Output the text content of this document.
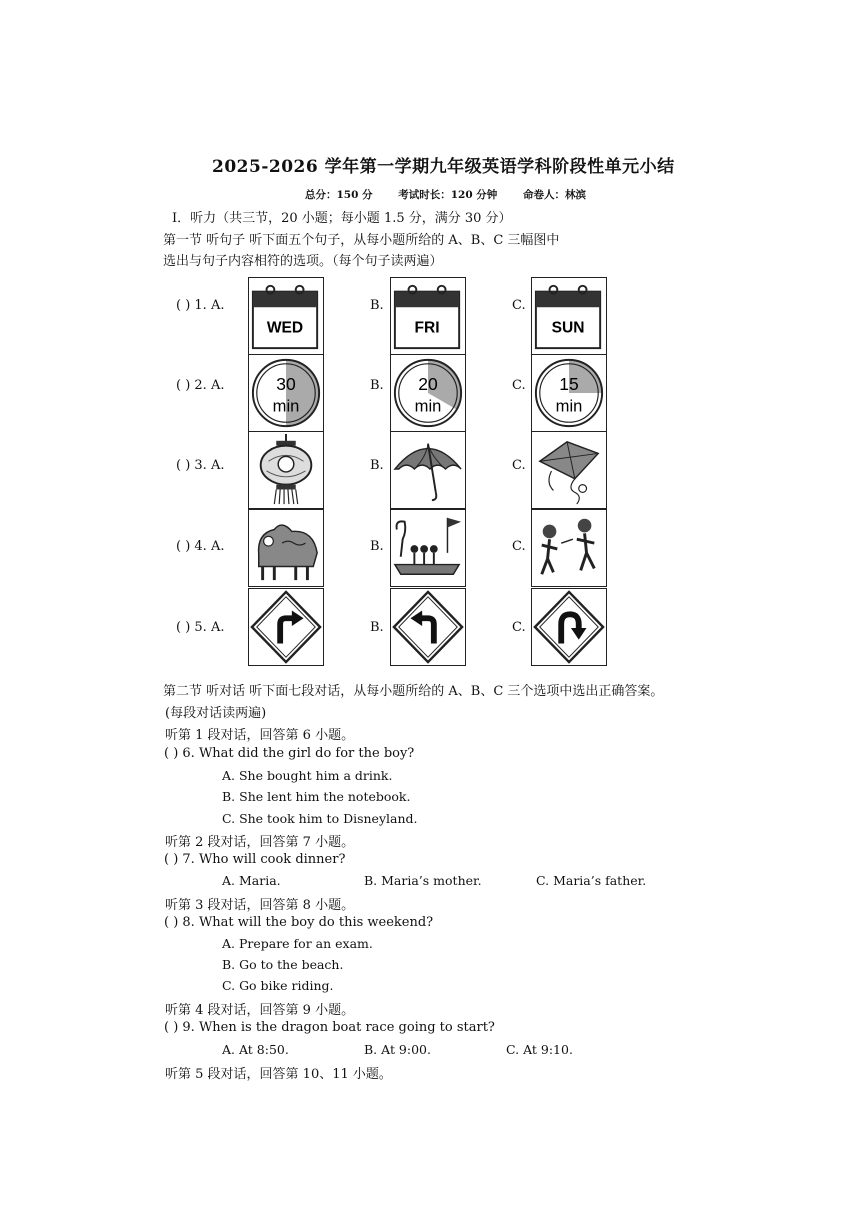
2025-2026 学年第一学期九年级英语学科阶段性单元小结
总分：150 分 考试时长：120 分钟 命卷人：林滨
I．听力（共三节，20 小题；每小题 1.5 分，满分 30 分）
第一节 听句子 听下面五个句子，从每小题所给的 A、B、C 三幅图中
选出与句子内容相符的选项。（每个句子读两遍）
( ) 1. A.	B.	C.
WED	FRI	SUN
( ) 2. A.	B.	C.
30
min
20
min
15
min
( ) 3. A.	B.	C.
( ) 4. A.	B.	C.
( ) 5. A.	B.	C.
第二节 听对话 听下面七段对话，从每小题所给的 A、B、C 三个选项中选出正确答案。
(每段对话读两遍)
听第 1 段对话，回答第 6 小题。
( ) 6. What did the girl do for the boy?
A. She bought him a drink.
B. She lent him the notebook.
C. She took him to Disneyland.
听第 2 段对话，回答第 7 小题。
( ) 7. Who will cook dinner?
A. Maria.	B. Maria’s mother.	C. Maria’s father.
听第 3 段对话，回答第 8 小题。
( ) 8. What will the boy do this weekend?
A. Prepare for an exam.
B. Go to the beach.
C. Go bike riding.
听第 4 段对话，回答第 9 小题。
( ) 9. When is the dragon boat race going to start?
A. At 8:50.	B. At 9:00.	C. At 9:10.
听第 5 段对话，回答第 10、11 小题。
